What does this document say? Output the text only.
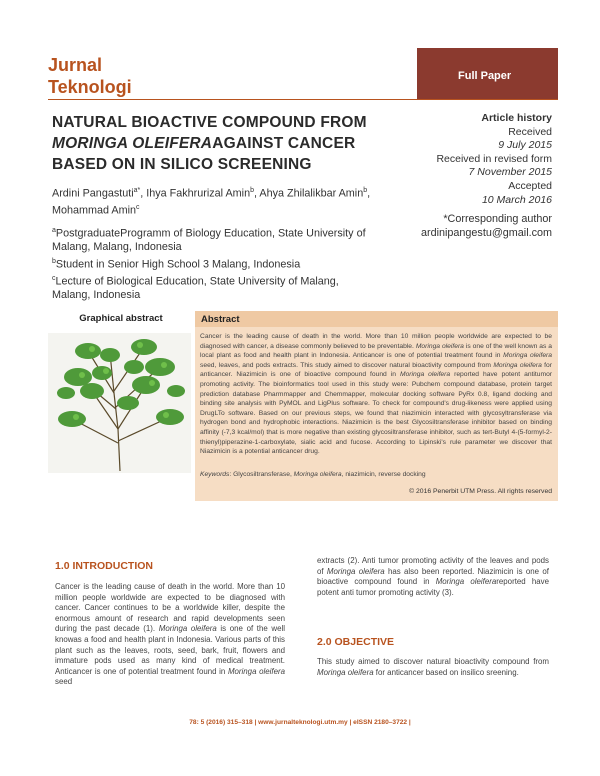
Jurnal
Teknologi
Full Paper
NATURAL BIOACTIVE COMPOUND FROM MORINGA OLEIFERAAGAINST CANCER BASED ON IN SILICO SCREENING
Article history
Received
9 July 2015
Received in revised form
7 November 2015
Accepted
10 March 2016
Ardini Pangastuti$^{a*}$, Ihya Fakhrurizal Amin$^b$, Ahya Zhilalikbar Amin$^b$, Mohammad Amin$^c$
*Corresponding author
ardinipangestu@gmail.com
$^a$PostgraduateProgramm of Biology Education, State University of Malang, Malang, Indonesia
$^b$Student in Senior High School 3 Malang, Indonesia
$^c$Lecture of Biological Education, State University of Malang, Malang, Indonesia
Graphical abstract	Abstract
Cancer is the leading cause of death in the world. More than 10 million people worldwide are expected to be diagnosed with cancer, a disease commonly believed to be preventable. Moringa oleifera is one of the well known as a local plant as food and health plant in Indonesia. Anticancer is one of potential treatment found in Moringa oleifera seed, leaves, and pods extracts. This study aimed to discover natural bioactivity compound from Moringa oleifera for anticancer. Niazimicin is one of bioactive compound found in Moringa oleifera reported have potent antitumor promoting activity. The bioinformatics tool used in this study were: Pubchem compound database, protein target prediction database Pharmmapper and Chemmapper, molecular docking software PyRx 0.8, ligand docking and binding site analysis with PyMOL and LigPlus software. To check for compound's drug-likeness were applied using DrugLTo software. Based on our previous steps, we found that niazimicin interacted with glycosyltransferase via hydrogen bond and hydrophobic interactions. Niazimicin is the best Glycosiltransferase inhibitor based on binding affinity (-7,3 kcal/mol) that is more negative than existing glycosiltransferase inhibitor, such as tert-Butyl 4-(5-formyl-2-thienyl)piperazine-1-carboxylate, sialic acid and fucose. According to Lipinski's rule parameter we discover that Niazimicin is a potential anticancer drug.
Keywords: Glycosiltransferase, Moringa oleifera, niazimicin, reverse docking
© 2016 Penerbit UTM Press. All rights reserved
1.0 INTRODUCTION
Cancer is the leading cause of death in the world. More than 10 million people worldwide are expected to be diagnosed with cancer. Cancer continues to be a worldwide killer, despite the enormous amount of research and rapid developments seen during the past decade (1). Moringa oleifera is one of the well knowas a food and health plant in Indonesia. Various parts of this plant such as the leaves, roots, seed, bark, fruit, flowers and immature pods used as many kind of medical treatment. Anticancer is one of potential treatment found in Moringa oleifera seed
extracts (2). Anti tumor promoting activity of the leaves and pods of Moringa oleifera has also been reported. Niazimicin is one of bioactive compound found in Moringa oleiferareported have potent anti tumor promoting activity (3).
2.0 OBJECTIVE
This study aimed to discover natural bioactivity compound from Moringa oleifera for anticancer based on insilico sreening.
78: 5 (2016) 315–318 | www.jurnalteknologi.utm.my | eISSN 2180–3722 |
